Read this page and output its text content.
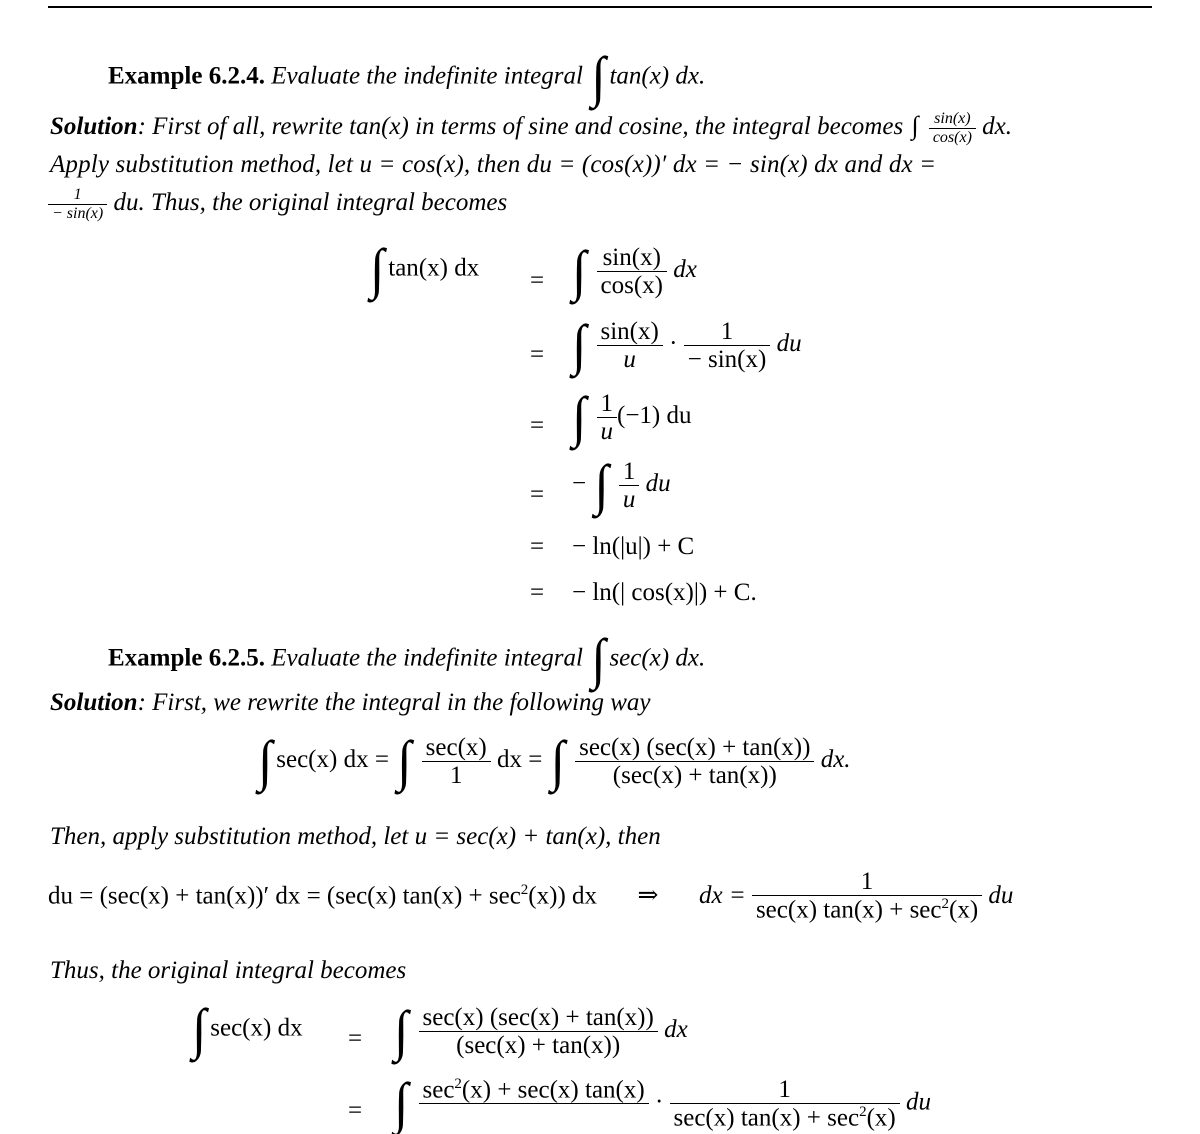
Example 6.2.4. Evaluate the indefinite integral ∫ tan(x) dx.
Solution: First of all, rewrite tan(x) in terms of sine and cosine, the integral becomes ∫ $\frac{\sin(x)}{\cos(x)}$ dx.
Apply substitution method, let u = cos(x), then du = (cos(x))′ dx = − sin(x) dx and dx =
$\frac{1}{- \sin(x)}$ du. Thus, the original integral becomes
∫ tan(x) dx = ∫ $\frac{\sin(x)}{\cos(x)}$ dx
= ∫ $\frac{\sin(x)}{u} \cdot \frac{1}{- \sin(x)}$ du
= ∫ $\frac{1}{u} (-1)$ du
= − ∫ $\frac{1}{u}$ du
= − ln(|u|) + C
= − ln(| cos(x)|) + C.
Example 6.2.5. Evaluate the indefinite integral ∫ sec(x) dx.
Solution: First, we rewrite the integral in the following way
∫ sec(x) dx = ∫ sec(x)
1
dx = ∫ sec(x) (sec(x) + tan(x))
(sec(x) + tan(x))
dx.
Then, apply substitution method, let u = sec(x) + tan(x), then
du = (sec(x) + tan(x))′ dx = (sec(x) $\tan(x) + \sec^2(x)$) dx ⇒ dx =
1
sec(x) $\tan(x) + \sec^2(x)$
du
Thus, the original integral becomes
∫ sec(x) dx = ∫ sec(x) (sec(x) + tan(x))
(sec(x) + tan(x))
dx
= ∫ $\sec^2(x) + \sec(x)$ tan(x)
·	1
sec(x) $\tan(x) + \sec^2(x)$
du
